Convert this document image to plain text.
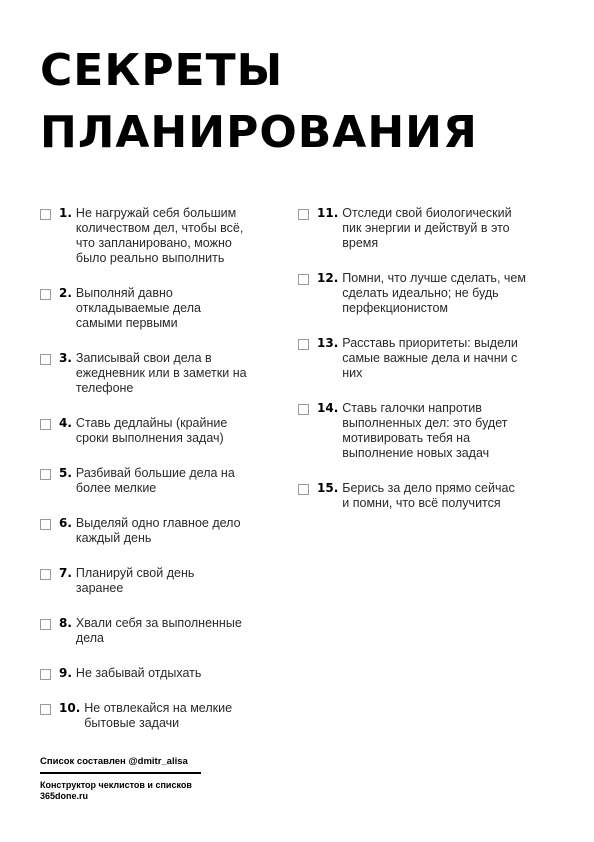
СЕКРЕТЫ
ПЛАНИРОВАНИЯ
1. Не нагружай себя большим количеством дел, чтобы всё, что запланировано, можно было реально выполнить
2. Выполняй давно откладываемые дела самыми первыми
3. Записывай свои дела в ежедневник или в заметки на телефоне
4. Ставь дедлайны (крайние сроки выполнения задач)
5. Разбивай большие дела на более мелкие
6. Выделяй одно главное дело каждый день
7. Планируй свой день заранее
8. Хвали себя за выполненные дела
9. Не забывай отдыхать
10. Не отвлекайся на мелкие бытовые задачи
11. Отследи свой биологический пик энергии и действуй в это время
12. Помни, что лучше сделать, чем сделать идеально; не будь перфекционистом
13. Расставь приоритеты: выдели самые важные дела и начни с них
14. Ставь галочки напротив выполненных дел: это будет мотивировать тебя на выполнение новых задач
15. Берись за дело прямо сейчас и помни, что всё получится
Список составлен @dmitr_alisa
Конструктор чеклистов и списков
365done.ru
